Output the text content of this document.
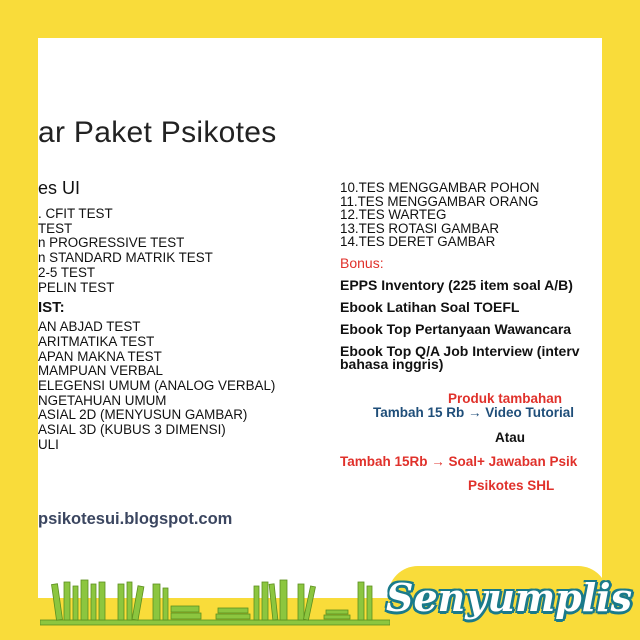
ar Paket Psikotes
es UI
. CFIT TEST
TEST
n PROGRESSIVE TEST
n STANDARD MATRIK TEST
2-5 TEST
PELIN TEST
IST:
AN ABJAD TEST
ARITMATIKA TEST
APAN MAKNA TEST
MAMPUAN VERBAL
ELEGENSI UMUM (ANALOG VERBAL)
NGETAHUAN UMUM
ASIAL 2D (MENYUSUN GAMBAR)
ASIAL 3D (KUBUS 3 DIMENSI)
ULI
10.TES MENGGAMBAR POHON
11.TES MENGGAMBAR ORANG
12.TES WARTEG
13.TES ROTASI GAMBAR
14.TES DERET GAMBAR
Bonus:
EPPS Inventory (225 item soal A/B)
Ebook Latihan Soal TOEFL
Ebook Top Pertanyaan Wawancara
Ebook Top Q/A Job Interview (interv
bahasa inggris)
Produk tambahan
Tambah 15 Rb → Video Tutorial
Atau
Tambah 15Rb → Soal+ Jawaban Psik
Psikotes SHL
psikotesui.blogspot.com
Senyumplis
